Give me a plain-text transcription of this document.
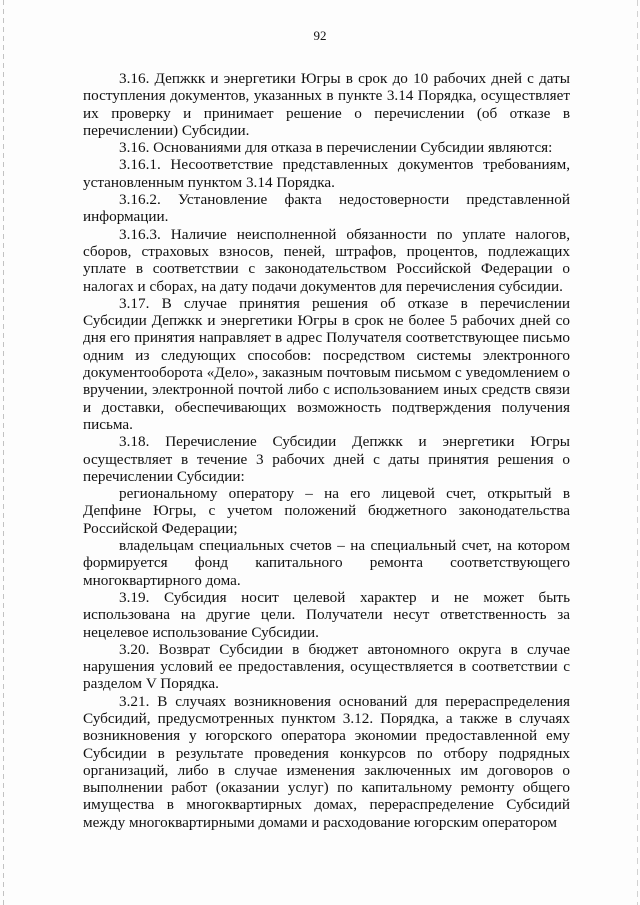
92

3.16. Депжкк и энергетики Югры в срок до 10 рабочих дней с даты поступления документов, указанных в пункте 3.14 Порядка, осуществляет их проверку и принимает решение о перечислении (об отказе в перечислении) Субсидии.

3.16. Основаниями для отказа в перечислении Субсидии являются:

3.16.1. Несоответствие представленных документов требованиям, установленным пунктом 3.14 Порядка.

3.16.2. Установление факта недостоверности представленной информации.

3.16.3. Наличие неисполненной обязанности по уплате налогов, сборов, страховых взносов, пеней, штрафов, процентов, подлежащих уплате в соответствии с законодательством Российской Федерации о налогах и сборах, на дату подачи документов для перечисления субсидии.

3.17. В случае принятия решения об отказе в перечислении Субсидии Депжкк и энергетики Югры в срок не более 5 рабочих дней со дня его принятия направляет в адрес Получателя соответствующее письмо одним из следующих способов: посредством системы электронного документооборота «Дело», заказным почтовым письмом с уведомлением о вручении, электронной почтой либо с использованием иных средств связи и доставки, обеспечивающих возможность подтверждения получения письма.

3.18. Перечисление Субсидии Депжкк и энергетики Югры осуществляет в течение 3 рабочих дней с даты принятия решения о перечислении Субсидии:

региональному оператору – на его лицевой счет, открытый в Депфине Югры, с учетом положений бюджетного законодательства Российской Федерации;

владельцам специальных счетов – на специальный счет, на котором формируется фонд капитального ремонта соответствующего многоквартирного дома.

3.19. Субсидия носит целевой характер и не может быть использована на другие цели. Получатели несут ответственность за нецелевое использование Субсидии.

3.20. Возврат Субсидии в бюджет автономного округа в случае нарушения условий ее предоставления, осуществляется в соответствии с разделом V Порядка.

3.21. В случаях возникновения оснований для перераспределения Субсидий, предусмотренных пунктом 3.12. Порядка, а также в случаях возникновения у югорского оператора экономии предоставленной ему Субсидии в результате проведения конкурсов по отбору подрядных организаций, либо в случае изменения заключенных им договоров о выполнении работ (оказании услуг) по капитальному ремонту общего имущества в многоквартирных домах, перераспределение Субсидий между многоквартирными домами и расходование югорским оператором
